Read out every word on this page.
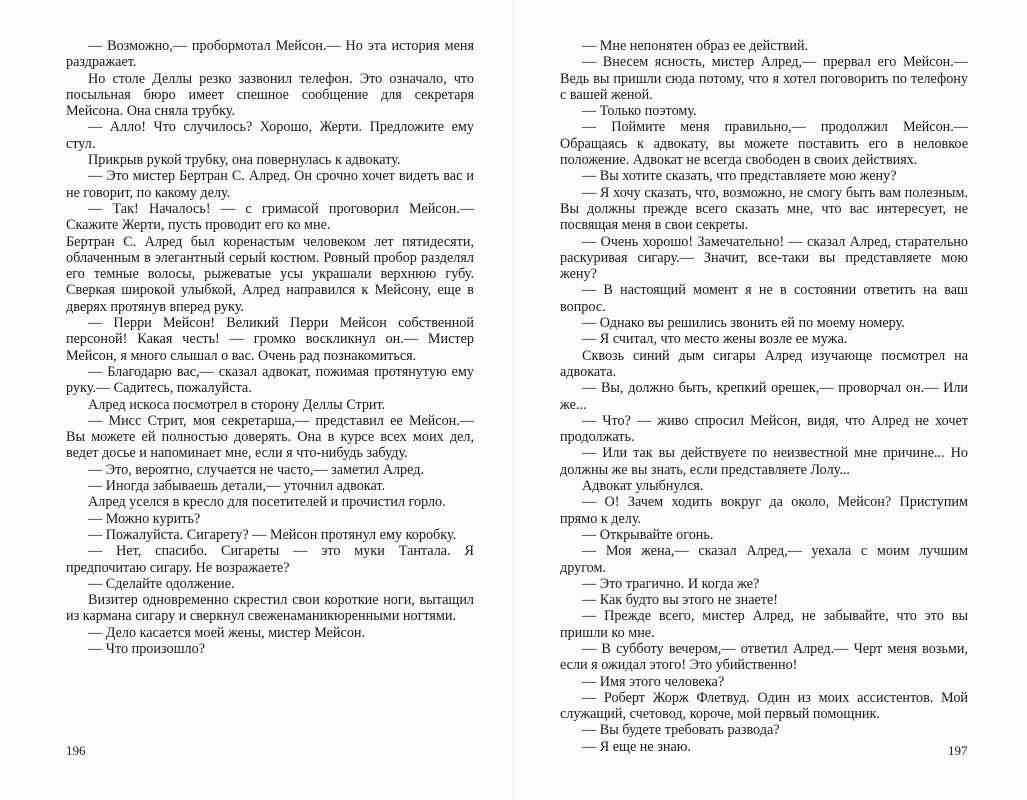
— Возможно,— пробормотал Мейсон.— Но эта история меня раздражает.

Но столе Деллы резко зазвонил телефон. Это означало, что посыльная бюро имеет спешное сообщение для секретаря Мейсона. Она сняла трубку.

— Алло! Что случилось? Хорошо, Жерти. Предложите ему стул.

Прикрыв рукой трубку, она повернулась к адвокату.

— Это мистер Бертран С. Алред. Он срочно хочет видеть вас и не говорит, по какому делу.

— Так! Началось! — с гримасой проговорил Мейсон.— Скажите Жерти, пусть проводит его ко мне.

Бертран С. Алред был коренастым человеком лет пятидесяти, облаченным в элегантный серый костюм. Ровный пробор разделял его темные волосы, рыжеватые усы украшали верхнюю губу. Сверкая широкой улыбкой, Алред направился к Мейсону, еще в дверях протянув вперед руку.

— Перри Мейсон! Великий Перри Мейсон собственной персоной! Какая честь! — громко воскликнул он.— Мистер Мейсон, я много слышал о вас. Очень рад познакомиться.

— Благодарю вас,— сказал адвокат, пожимая протянутую ему руку.— Садитесь, пожалуйста.

Алред искоса посмотрел в сторону Деллы Стрит.

— Мисс Стрит, моя секретарша,— представил ее Мейсон.— Вы можете ей полностью доверять. Она в курсе всех моих дел, ведет досье и напоминает мне, если я что-нибудь забуду.

— Это, вероятно, случается не часто,— заметил Алред.

— Иногда забываешь детали,— уточнил адвокат.

Алред уселся в кресло для посетителей и прочистил горло.

— Можно курить?

— Пожалуйста. Сигарету? — Мейсон протянул ему коробку.

— Нет, спасибо. Сигареты — это муки Тантала. Я предпочитаю сигару. Не возражаете?

— Сделайте одолжение.

Визитер одновременно скрестил свои короткие ноги, вытащил из кармана сигару и сверкнул свеженаманикюренными ногтями.

— Дело касается моей жены, мистер Мейсон.

— Что произошло?

196

— Мне непонятен образ ее действий.

— Внесем ясность, мистер Алред,— прервал его Мейсон.— Ведь вы пришли сюда потому, что я хотел поговорить по телефону с вашей женой.

— Только поэтому.

— Поймите меня правильно,— продолжил Мейсон.— Обращаясь к адвокату, вы можете поставить его в неловкое положение. Адвокат не всегда свободен в своих действиях.

— Вы хотите сказать, что представляете мою жену?

— Я хочу сказать, что, возможно, не смогу быть вам полезным. Вы должны прежде всего сказать мне, что вас интересует, не посвящая меня в свои секреты.

— Очень хорошо! Замечательно! — сказал Алред, старательно раскуривая сигару.— Значит, все-таки вы представляете мою жену?

— В настоящий момент я не в состоянии ответить на ваш вопрос.

— Однако вы решились звонить ей по моему номеру.

— Я считал, что место жены возле ее мужа.

Сквозь синий дым сигары Алред изучающе посмотрел на адвоката.

— Вы, должно быть, крепкий орешек,— проворчал он.— Или же...

— Что? — живо спросил Мейсон, видя, что Алред не хочет продолжать.

— Или так вы действуете по неизвестной мне причине... Но должны же вы знать, если представляете Лолу...

Адвокат улыбнулся.

— О! Зачем ходить вокруг да около, Мейсон? Приступим прямо к делу.

— Открывайте огонь.

— Моя жена,— сказал Алред,— уехала с моим лучшим другом.

— Это трагично. И когда же?

— Как будто вы этого не знаете!

— Прежде всего, мистер Алред, не забывайте, что это вы пришли ко мне.

— В субботу вечером,— ответил Алред.— Черт меня возьми, если я ожидал этого! Это убийственно!

— Имя этого человека?

— Роберт Жорж Флетвуд. Один из моих ассистентов. Мой служащий, счетовод, короче, мой первый помощник.

— Вы будете требовать развода?

— Я еще не знаю.	197
